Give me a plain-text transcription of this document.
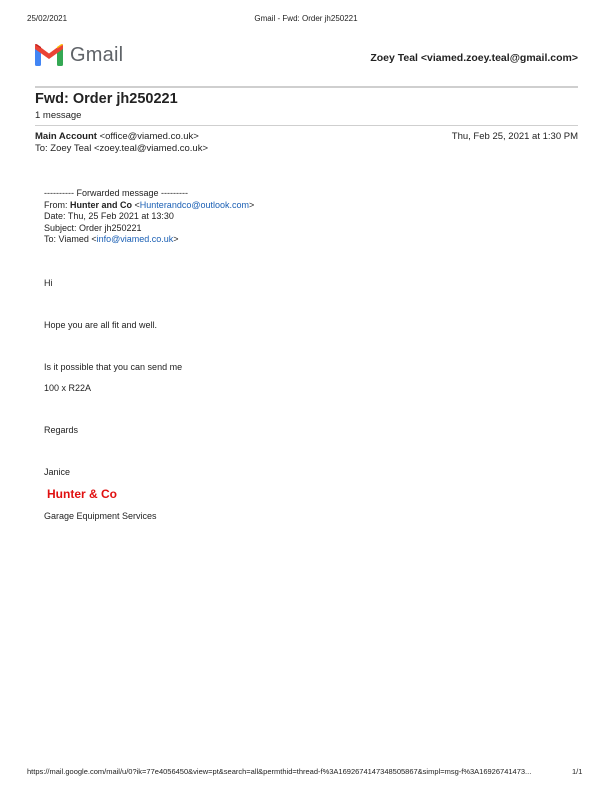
25/02/2021	Gmail - Fwd: Order jh250221
Gmail	Zoey Teal <viamed.zoey.teal@gmail.com>
Fwd: Order jh250221
1 message
Main Account <office@viamed.co.uk>	Thu, Feb 25, 2021 at 1:30 PM
To: Zoey Teal <zoey.teal@viamed.co.uk>
---------- Forwarded message ---------
From: Hunter and Co <Hunterandco@outlook.com>
Date: Thu, 25 Feb 2021 at 13:30
Subject: Order jh250221
To: Viamed <info@viamed.co.uk>
Hi
Hope you are all fit and well.
Is it possible that you can send me
100 x R22A
Regards
Janice
Hunter & Co
Garage Equipment Services
https://mail.google.com/mail/u/0?ik=77e4056450&view=pt&search=all&permthid=thread-f%3A1692674147348505867&simpl=msg-f%3A16926741473...	1/1
